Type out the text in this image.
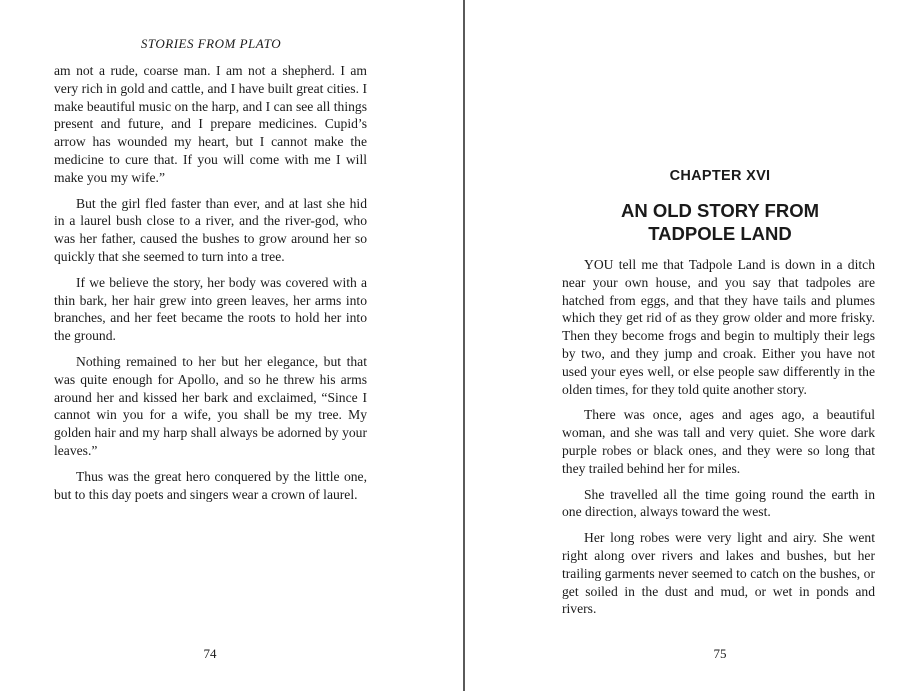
STORIES FROM PLATO

am not a rude, coarse man. I am not a shepherd. I am very rich in gold and cattle, and I have built great cities. I make beautiful music on the harp, and I can see all things present and future, and I prepare medicines. Cupid’s arrow has wounded my heart, but I cannot make the medicine to cure that. If you will come with me I will make you my wife.”

But the girl fled faster than ever, and at last she hid in a laurel bush close to a river, and the river-god, who was her father, caused the bushes to grow around her so quickly that she seemed to turn into a tree.

If we believe the story, her body was covered with a thin bark, her hair grew into green leaves, her arms into branches, and her feet became the roots to hold her into the ground.

Nothing remained to her but her elegance, but that was quite enough for Apollo, and so he threw his arms around her and kissed her bark and exclaimed, “Since I cannot win you for a wife, you shall be my tree. My golden hair and my harp shall always be adorned by your leaves.”

Thus was the great hero conquered by the little one, but to this day poets and singers wear a crown of laurel.

74
CHAPTER XVI
AN OLD STORY FROM
TADPOLE LAND

YOU tell me that Tadpole Land is down in a ditch near your own house, and you say that tadpoles are hatched from eggs, and that they have tails and plumes which they get rid of as they grow older and more frisky. Then they become frogs and begin to multiply their legs by two, and they jump and croak. Either you have not used your eyes well, or else people saw differently in the olden times, for they told quite another story.

There was once, ages and ages ago, a beautiful woman, and she was tall and very quiet. She wore dark purple robes or black ones, and they were so long that they trailed behind her for miles.

She travelled all the time going round the earth in one direction, always toward the west.

Her long robes were very light and airy. She went right along over rivers and lakes and bushes, but her trailing garments never seemed to catch on the bushes, or get soiled in the dust and mud, or wet in ponds and rivers.

75
